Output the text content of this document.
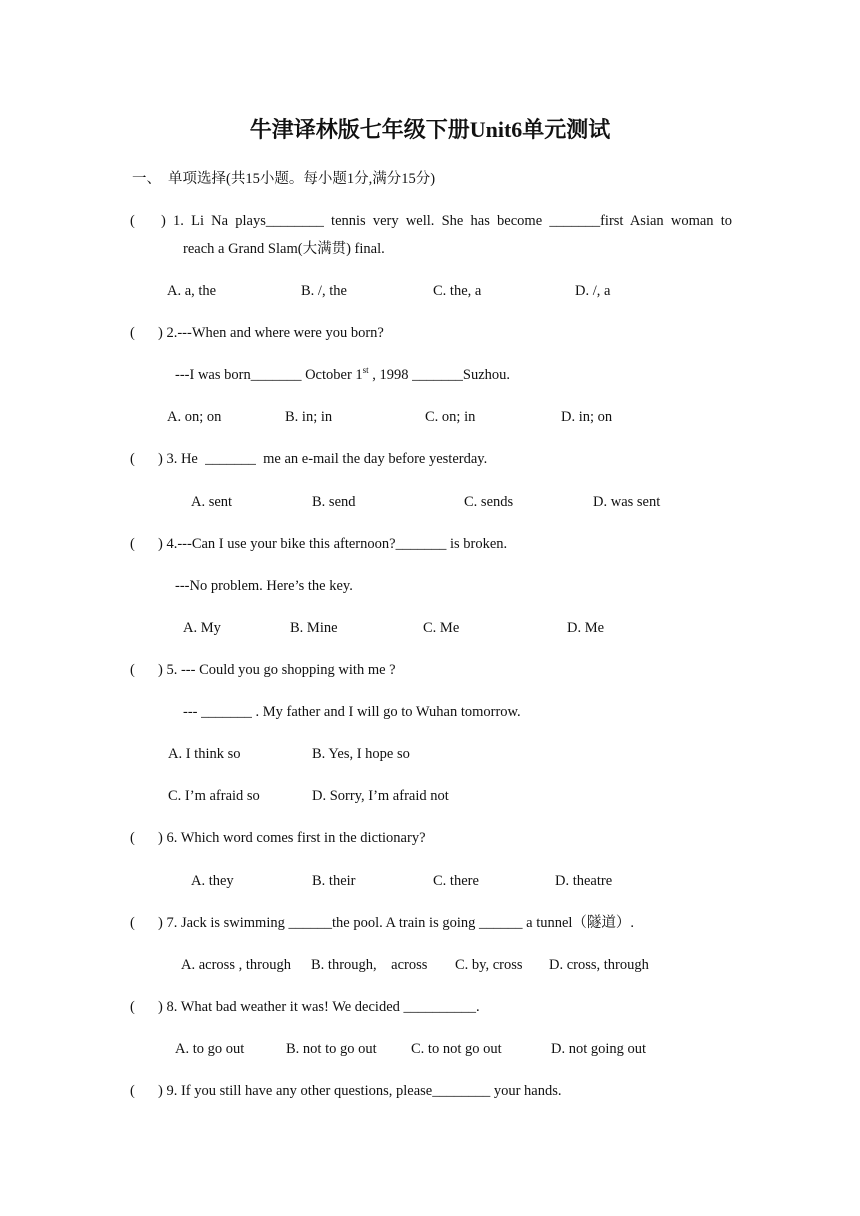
牛津译林版七年级下册Unit6单元测试
一、 单项选择(共15小题。每小题1分,满分15分)
( ) 1. Li Na plays________ tennis very well. She has become _______first Asian woman to
reach a Grand Slam(大满贯) final.
A. a, the	B. /, the	C. the, a	D. /, a
( ) 2.---When and where were you born?
---I was born_______ October 1st , 1998 _______Suzhou.
A. on; on	B. in; in	C. on; in	D. in; on
( ) 3. He  _______  me an e-mail the day before yesterday.
A. sent	B. send	C. sends	D. was sent
( ) 4.---Can I use your bike this afternoon?_______ is broken.
---No problem. Here’s the key.
A. My	B. Mine	C. Me	D. Me
( ) 5. --- Could you go shopping with me ?
--- _______ . My father and I will go to Wuhan tomorrow.
A. I think so	B. Yes, I hope so
C. I’m afraid so	D. Sorry, I’m afraid not
( ) 6. Which word comes first in the dictionary?
A. they	B. their	C. there	D. theatre
( ) 7. Jack is swimming ______the pool. A train is going ______ a tunnel（隧道）.
A. across , through B. through,    across C. by, cross D. cross, through
( ) 8. What bad weather it was! We decided __________.
A. to go out	B. not to go out C. to not go out	D. not going out
( ) 9. If you still have any other questions, please________ your hands.
